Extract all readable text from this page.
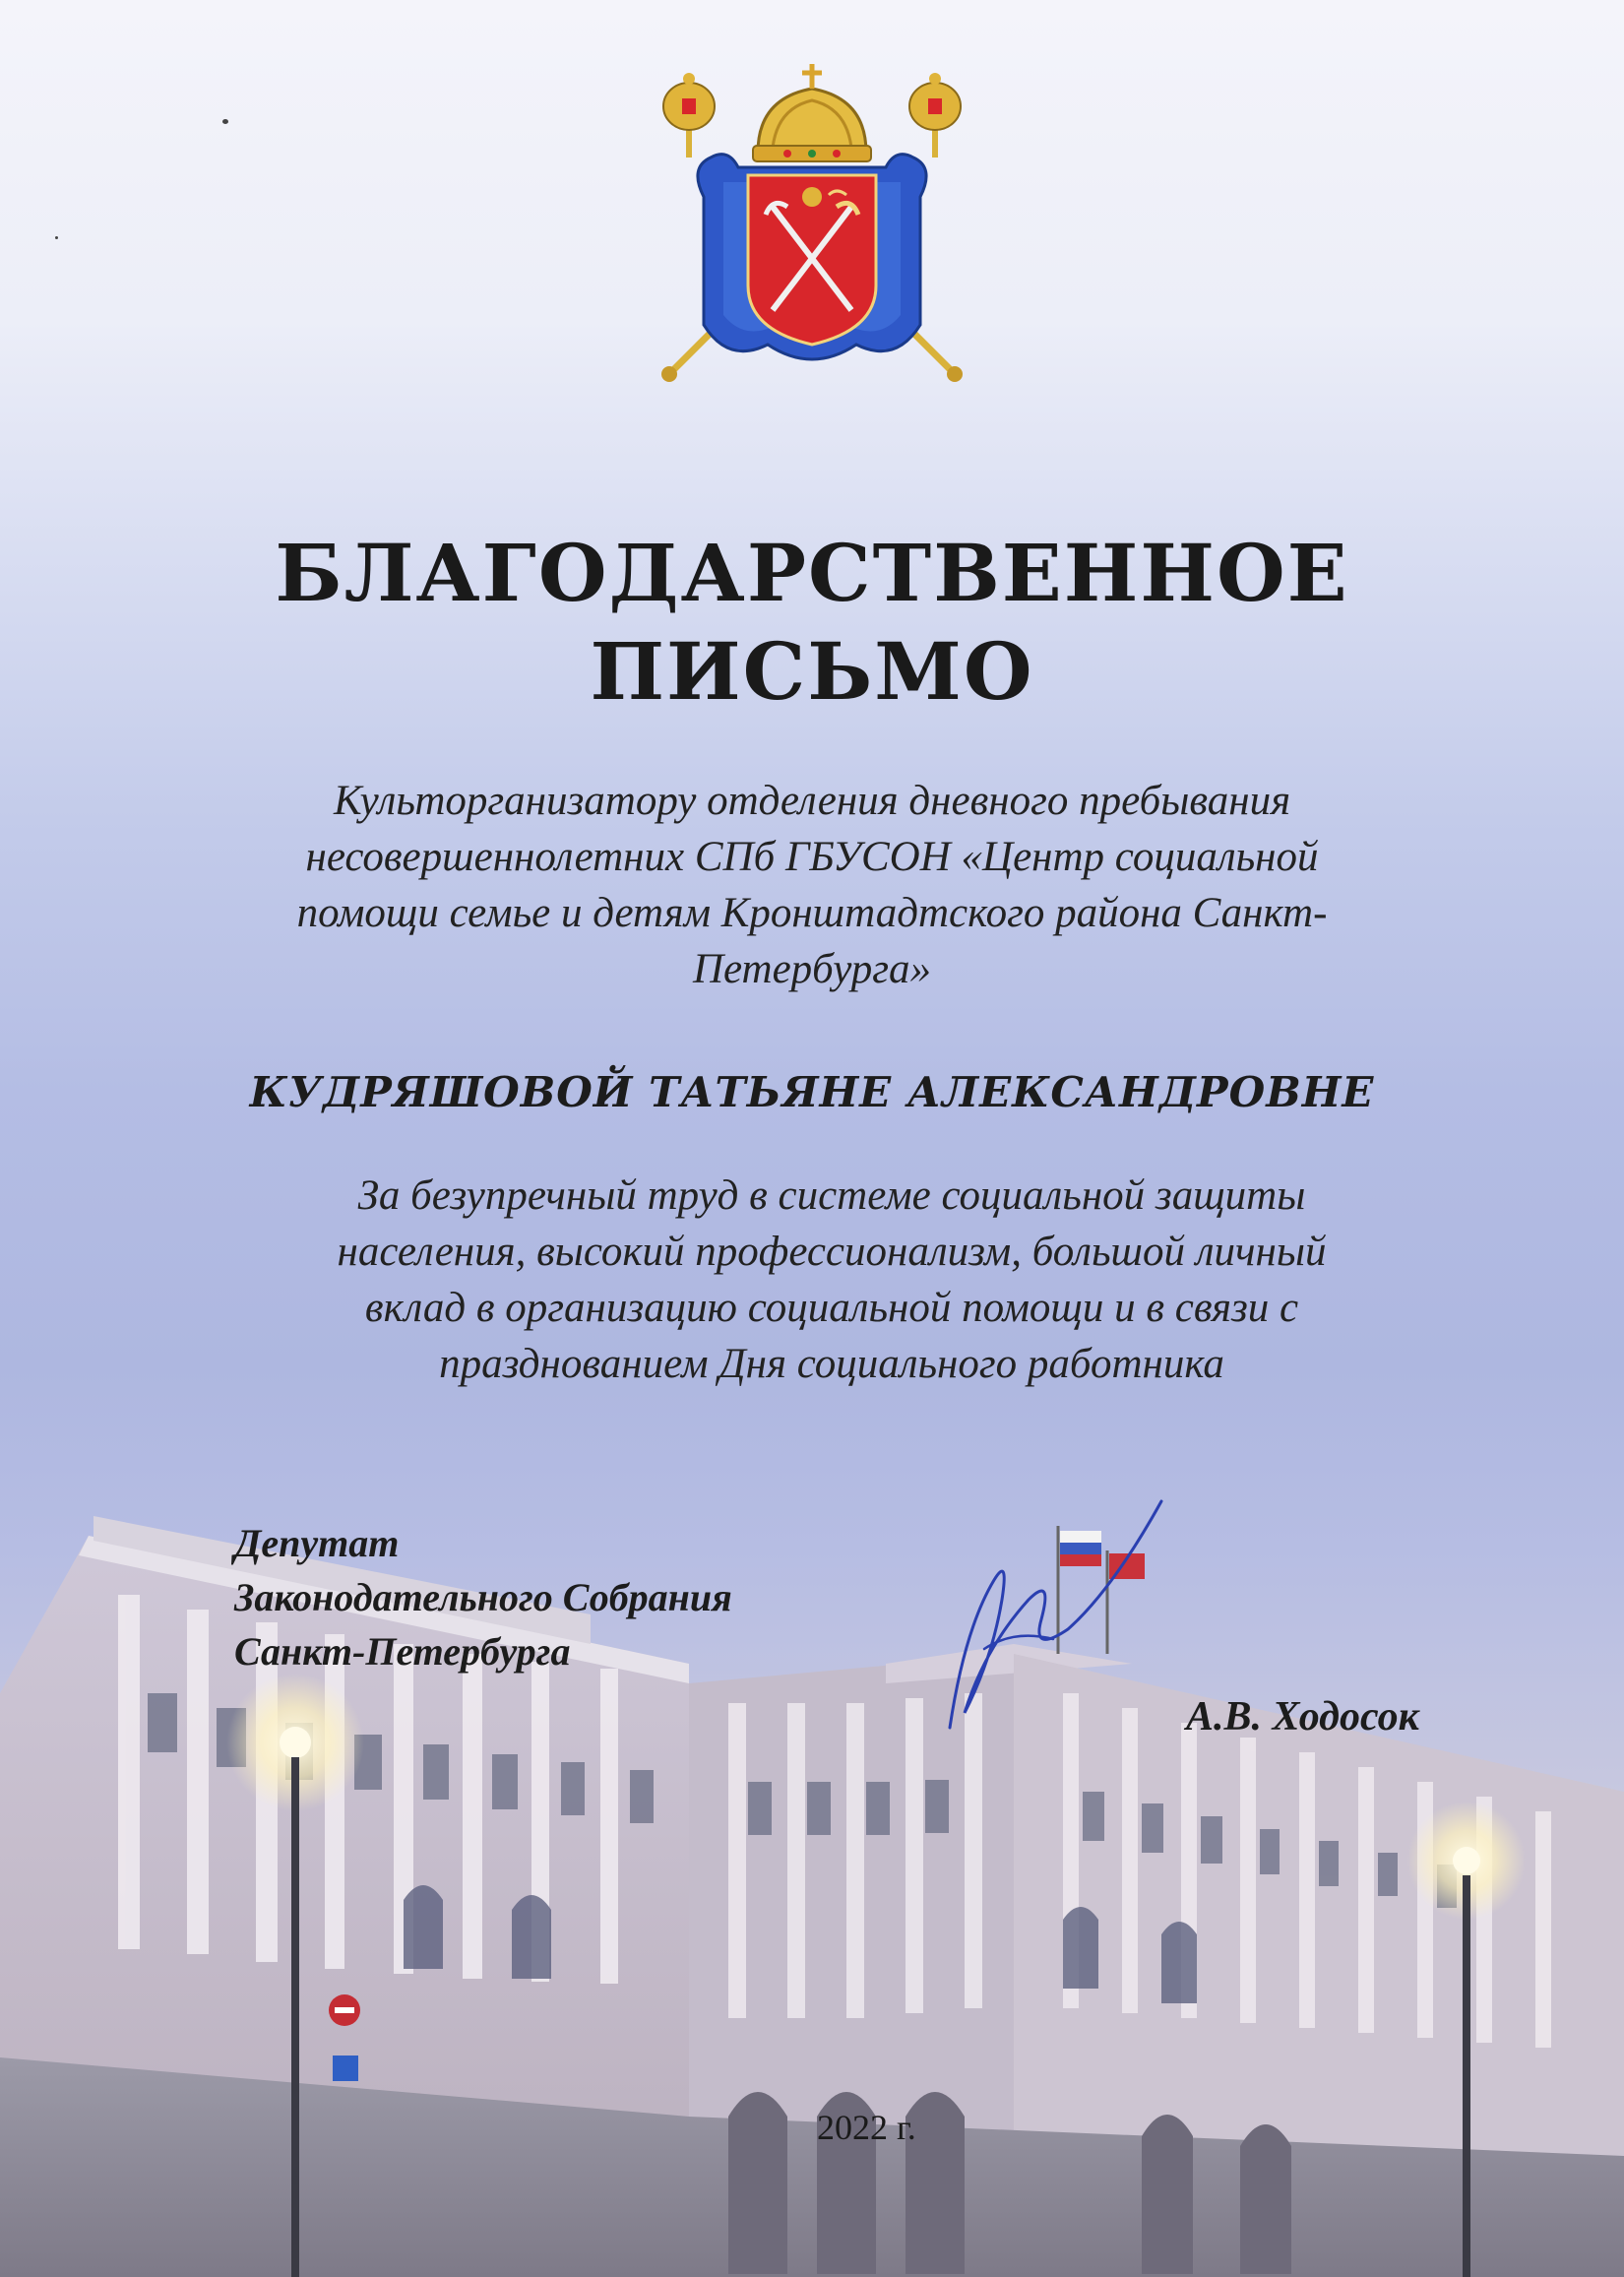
БЛАГОДАРСТВЕННОЕ
ПИСЬМО
Культорганизатору отделения дневного пребывания
несовершеннолетних СПб ГБУСОН «Центр социальной
помощи семье и детям Кронштадтского района Санкт-
Петербурга»
КУДРЯШОВОЙ ТАТЬЯНЕ АЛЕКСАНДРОВНЕ
За безупречный труд в системе социальной защиты
населения, высокий профессионализм, большой личный
вклад в организацию социальной помощи и в связи с
празднованием Дня социального работника
Депутат
Законодательного Собрания
Санкт-Петербурга
А.В. Ходосок
2022 г.
